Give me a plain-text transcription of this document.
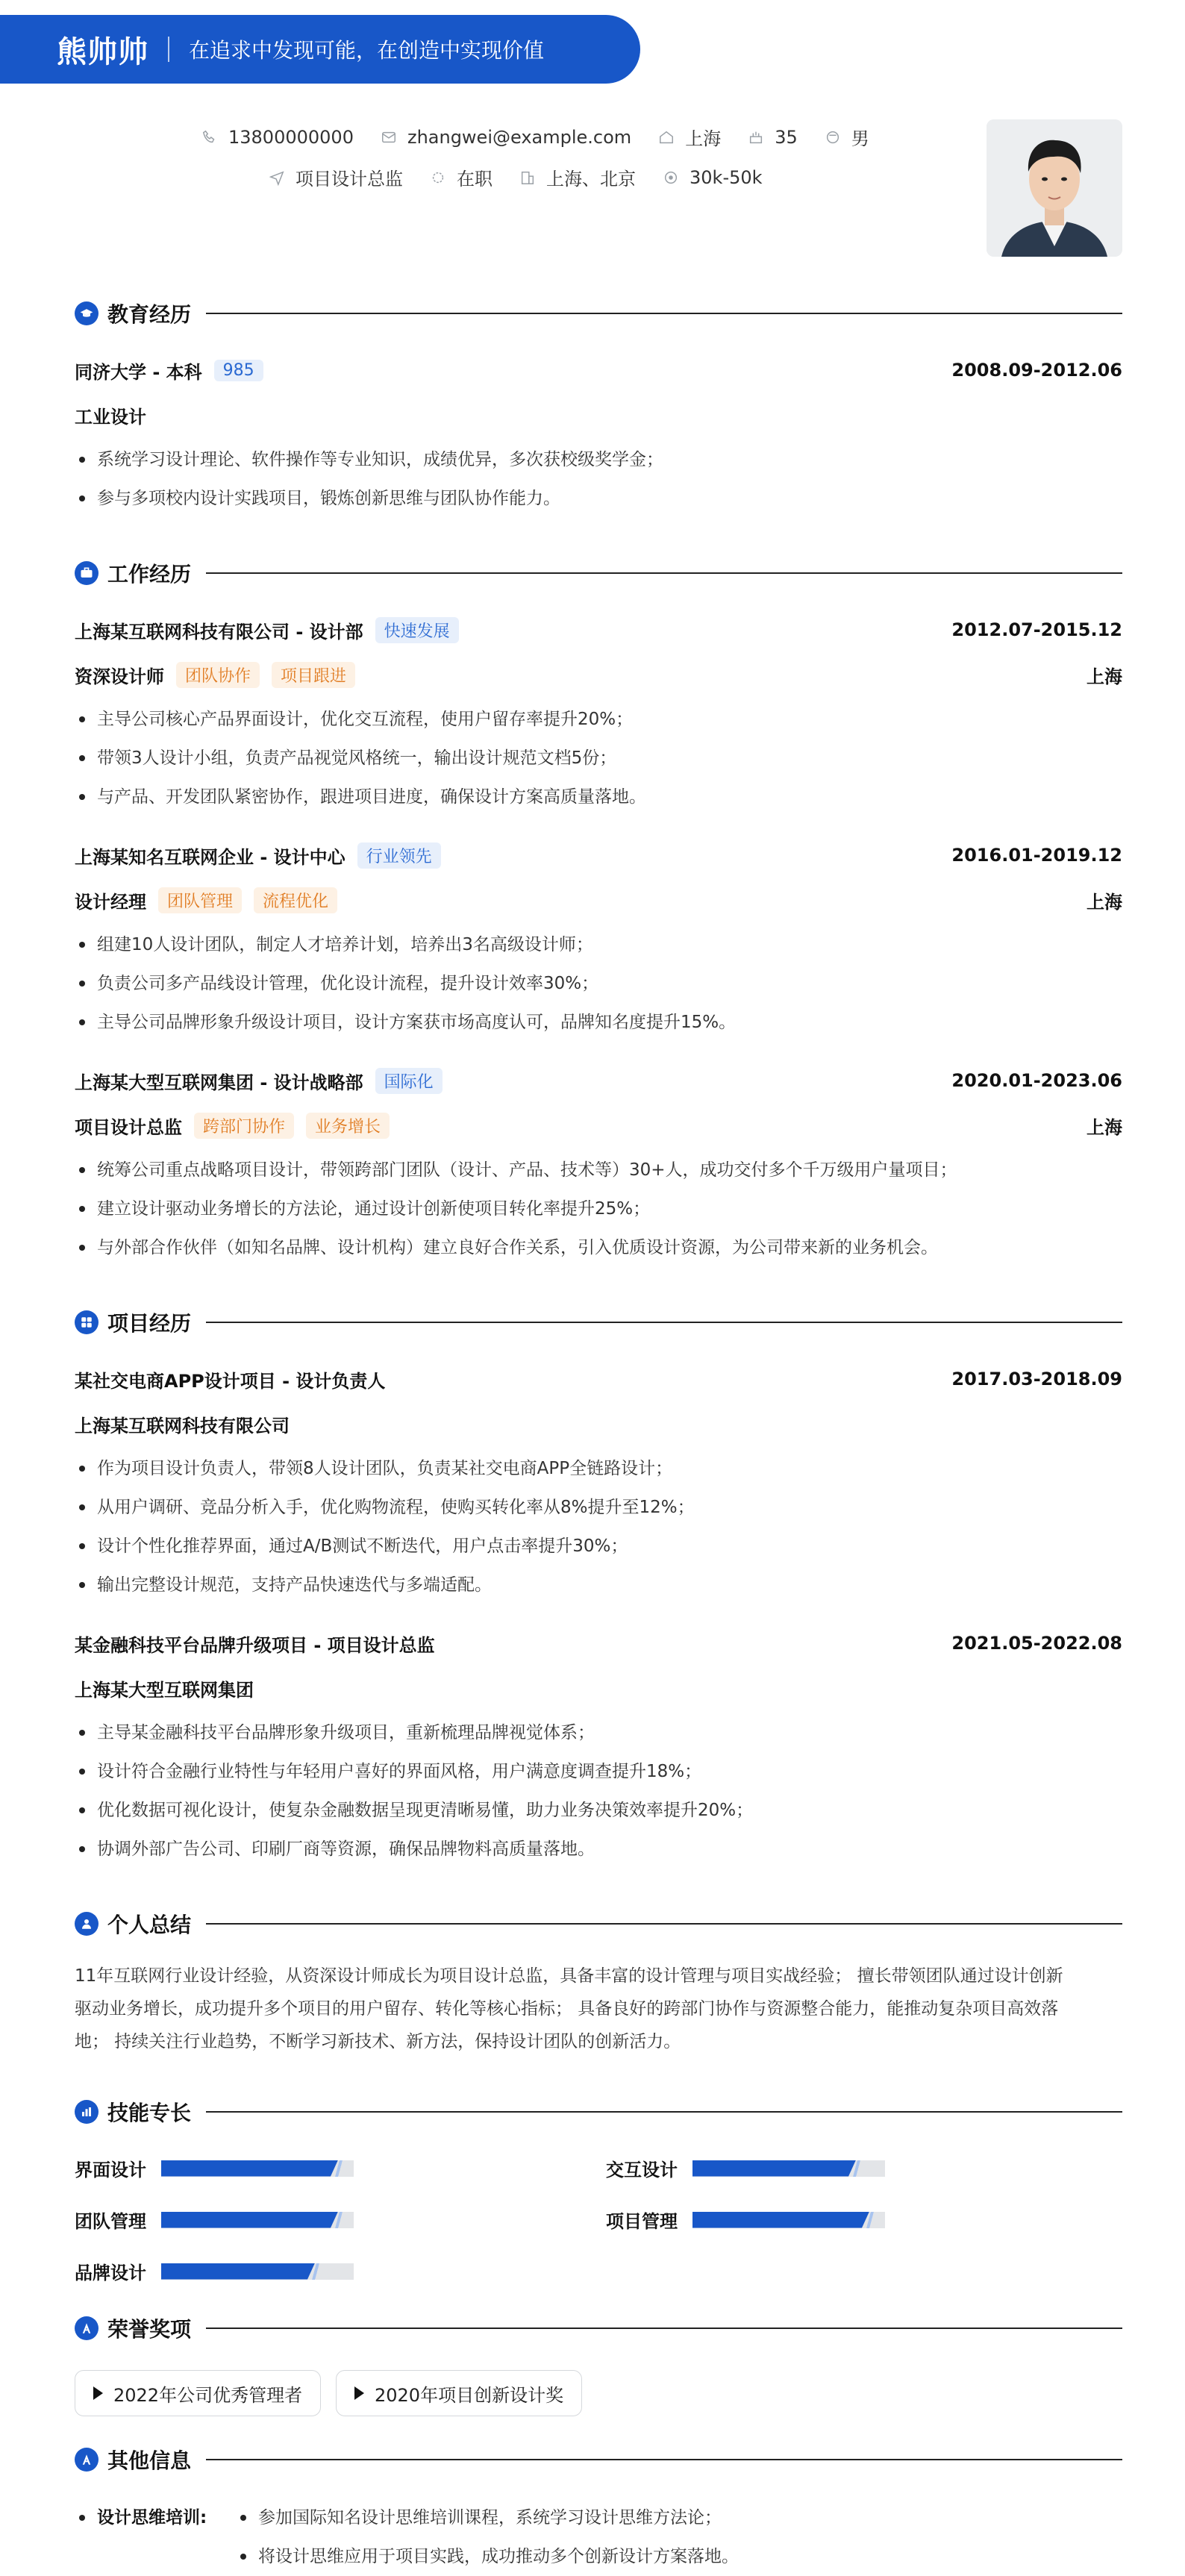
熊帅帅 在追求中发现可能，在创造中实现价值
13800000000	zhangwei@example.com	上海	35	男
项目设计总监	在职	上海、北京	30k-50k
教育经历
同济大学 - 本科	985	2008.09-2012.06
工业设计
系统学习设计理论、软件操作等专业知识，成绩优异，多次获校级奖学金；
参与多项校内设计实践项目，锻炼创新思维与团队协作能力。
工作经历
上海某互联网科技有限公司 - 设计部	快速发展	2012.07-2015.12
资深设计师	团队协作	项目跟进	上海
主导公司核心产品界面设计，优化交互流程，使用户留存率提升20%；
带领3人设计小组，负责产品视觉风格统一，输出设计规范文档5份；
与产品、开发团队紧密协作，跟进项目进度，确保设计方案高质量落地。
上海某知名互联网企业 - 设计中心	行业领先	2016.01-2019.12
设计经理	团队管理	流程优化	上海
组建10人设计团队，制定人才培养计划，培养出3名高级设计师；
负责公司多产品线设计管理，优化设计流程，提升设计效率30%；
主导公司品牌形象升级设计项目，设计方案获市场高度认可，品牌知名度提升15%。
上海某大型互联网集团 - 设计战略部	国际化	2020.01-2023.06
项目设计总监	跨部门协作	业务增长	上海
统筹公司重点战略项目设计，带领跨部门团队（设计、产品、技术等）30+人，成功交付多个千万级用户量项目；
建立设计驱动业务增长的方法论，通过设计创新使项目转化率提升25%；
与外部合作伙伴（如知名品牌、设计机构）建立良好合作关系，引入优质设计资源，为公司带来新的业务机会。
项目经历
某社交电商APP设计项目 - 设计负责人	2017.03-2018.09
上海某互联网科技有限公司
作为项目设计负责人，带领8人设计团队，负责某社交电商APP全链路设计；
从用户调研、竞品分析入手，优化购物流程，使购买转化率从8%提升至12%；
设计个性化推荐界面，通过A/B测试不断迭代，用户点击率提升30%；
输出完整设计规范，支持产品快速迭代与多端适配。
某金融科技平台品牌升级项目 - 项目设计总监	2021.05-2022.08
上海某大型互联网集团
主导某金融科技平台品牌形象升级项目，重新梳理品牌视觉体系；
设计符合金融行业特性与年轻用户喜好的界面风格，用户满意度调查提升18%；
优化数据可视化设计，使复杂金融数据呈现更清晰易懂，助力业务决策效率提升20%；
协调外部广告公司、印刷厂商等资源，确保品牌物料高质量落地。
个人总结
11年互联网行业设计经验，从资深设计师成长为项目设计总监，具备丰富的设计管理与项目实战经验； 擅长带领团队通过设计创新
驱动业务增长，成功提升多个项目的用户留存、转化等核心指标； 具备良好的跨部门协作与资源整合能力，能推动复杂项目高效落
地； 持续关注行业趋势，不断学习新技术、新方法，保持设计团队的创新活力。
技能专长
界面设计	交互设计
团队管理	项目管理
品牌设计
荣誉奖项
2022年公司优秀管理者	2020年项目创新设计奖
其他信息
设计思维培训:	参加国际知名设计思维培训课程，系统学习设计思维方法论；
将设计思维应用于项目实践，成功推动多个创新设计方案落地。
